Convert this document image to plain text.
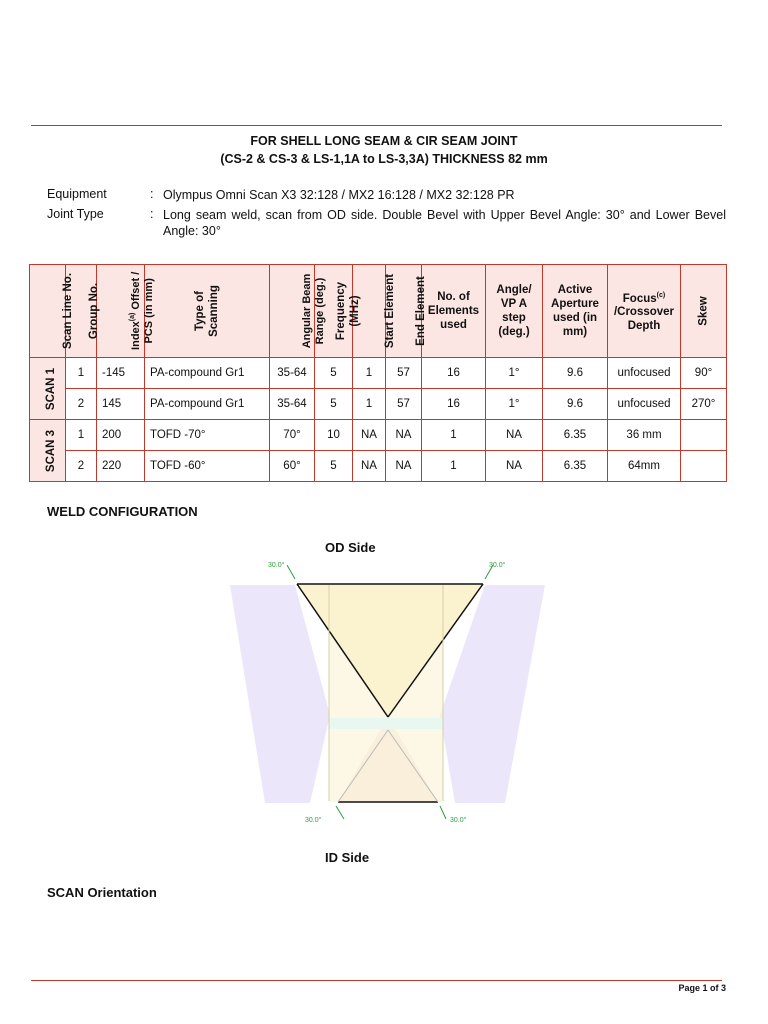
FOR SHELL LONG SEAM & CIR SEAM JOINT
(CS-2 & CS-3 & LS-1,1A to LS-3,3A) THICKNESS 82 mm
Equipment	: Olympus Omni Scan X3 32:128 / MX2 16:128 / MX2 32:128 PR
Joint Type	: Long seam weld, scan from OD side. Double Bevel with Upper Bevel Angle: 30° and Lower Bevel Angle: 30°
Scan Line No.	Group No.	Index$^{(a)}$ Offset / PCS (in mm)	Type of Scanning	Angular Beam Range (deg.)	Frequency (MHz)	Start Element	End Element	No. of Elements used	Angle/ VP A step (deg.)	Active Aperture used (in mm)	Focus$^{(c)}$ /Crossover Depth	Skew
SCAN 1	1	-145	PA-compound Gr1	35-64	5	1	57	16	1°	9.6	unfocused	90°
	2	145	PA-compound Gr1	35-64	5	1	57	16	1°	9.6	unfocused	270°
SCAN 3	1	200	TOFD -70°	70°	10	NA	NA	1	NA	6.35	36 mm	
	2	220	TOFD -60°	60°	5	NA	NA	1	NA	6.35	64mm	
WELD CONFIGURATION
OD Side
30.0°	30.0°
30.0°	30.0°
ID Side
SCAN Orientation
Page 1 of 3
